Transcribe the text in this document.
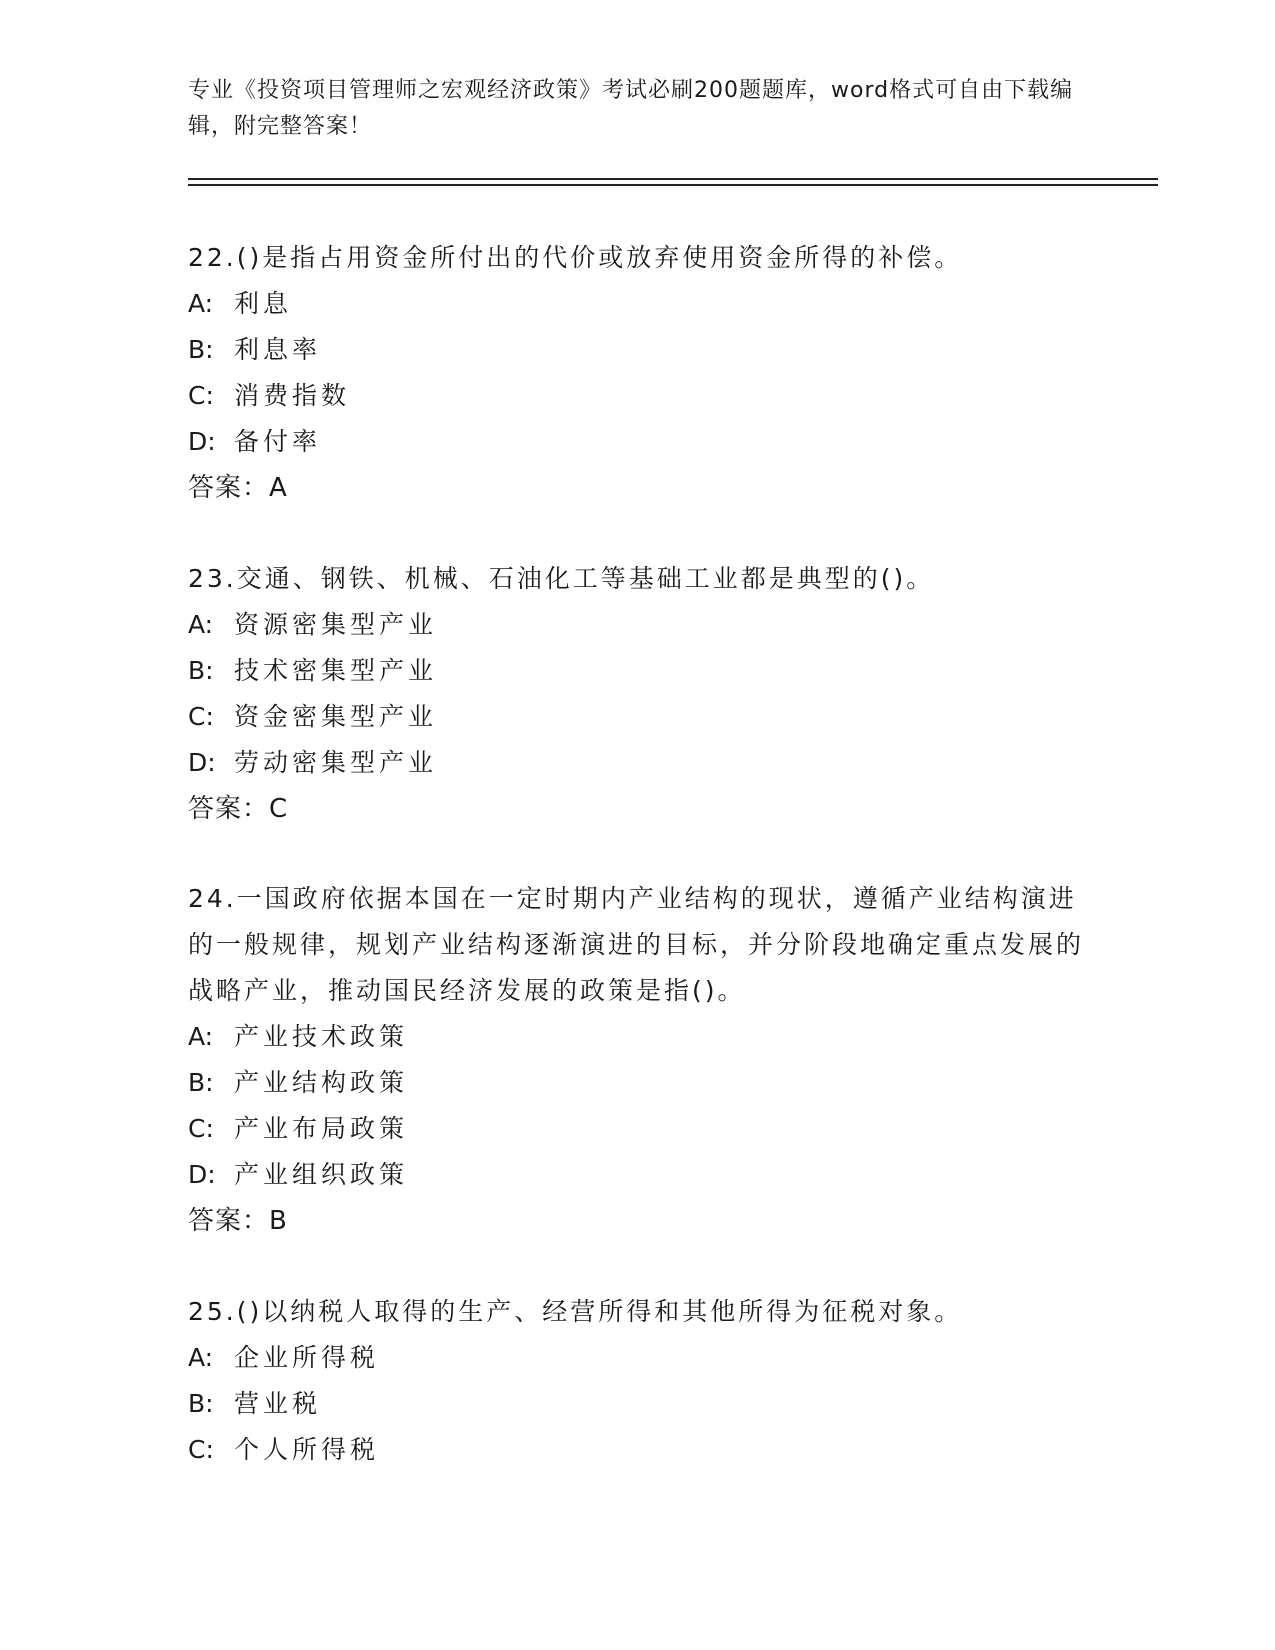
专业《投资项目管理师之宏观经济政策》考试必刷200题题库，word格式可自由下载编辑，附完整答案！

22.()是指占用资金所付出的代价或放弃使用资金所得的补偿。

A: 利息

B: 利息率

C: 消费指数

D: 备付率

答案：A

23.交通、钢铁、机械、石油化工等基础工业都是典型的()。

A: 资源密集型产业

B: 技术密集型产业

C: 资金密集型产业

D: 劳动密集型产业

答案：C

24.一国政府依据本国在一定时期内产业结构的现状，遵循产业结构演进的一般规律，规划产业结构逐渐演进的目标，并分阶段地确定重点发展的战略产业，推动国民经济发展的政策是指()。

A: 产业技术政策

B: 产业结构政策

C: 产业布局政策

D: 产业组织政策

答案：B

25.()以纳税人取得的生产、经营所得和其他所得为征税对象。

A: 企业所得税

B: 营业税

C: 个人所得税
